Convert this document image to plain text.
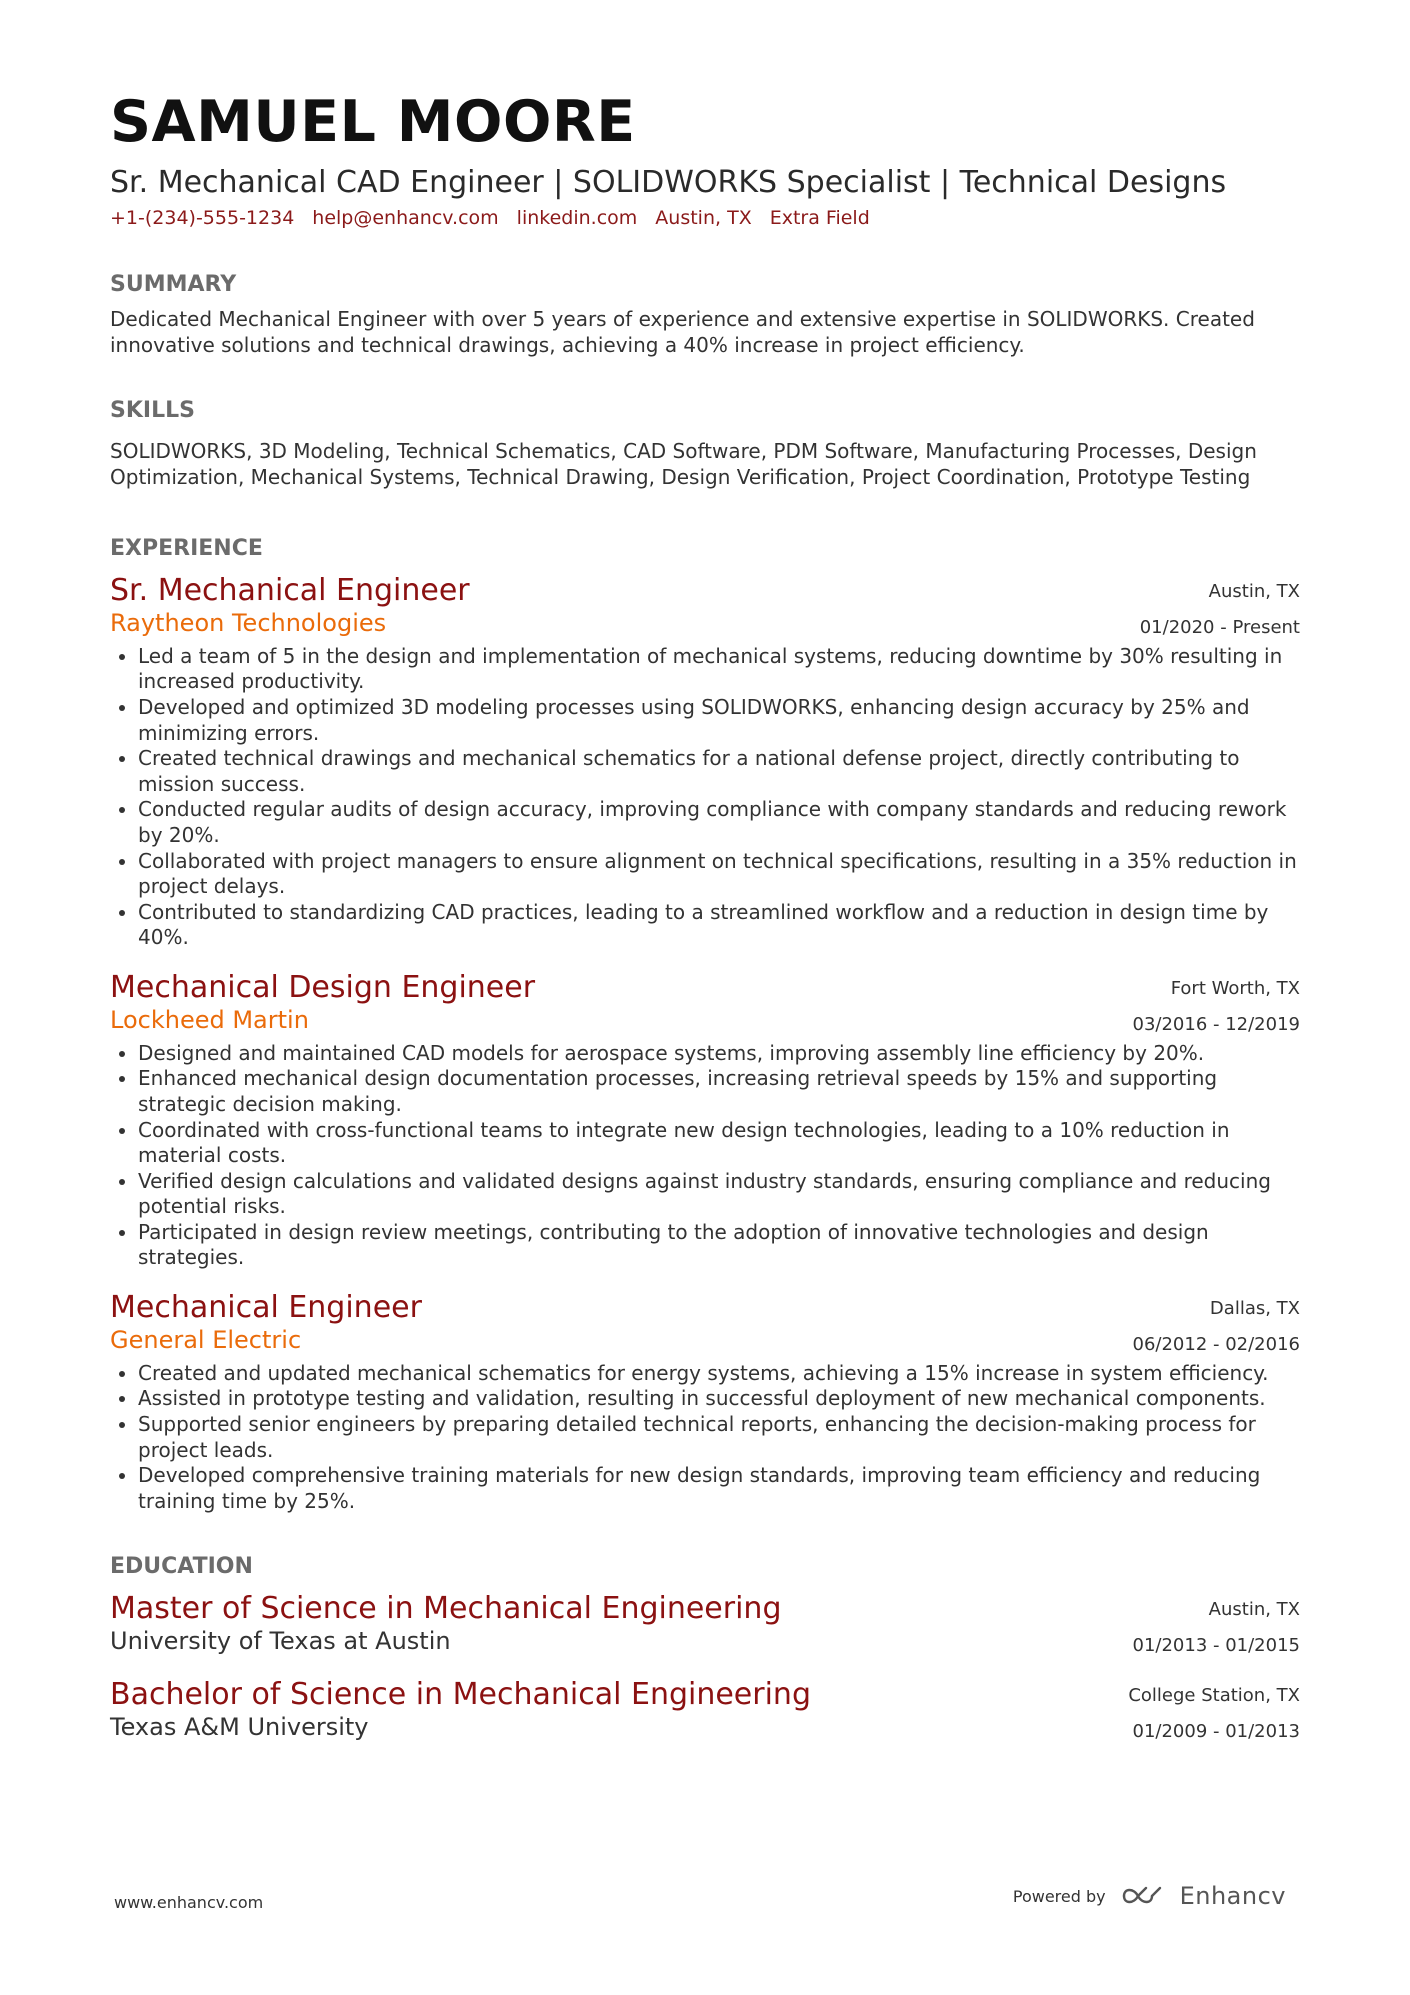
SAMUEL MOORE
Sr. Mechanical CAD Engineer | SOLIDWORKS Specialist | Technical Designs
+1-(234)-555-1234 help@enhancv.com linkedin.com Austin, TX Extra Field
SUMMARY
Dedicated Mechanical Engineer with over 5 years of experience and extensive expertise in SOLIDWORKS. Created innovative solutions and technical drawings, achieving a 40% increase in project efficiency.
SKILLS
SOLIDWORKS, 3D Modeling, Technical Schematics, CAD Software, PDM Software, Manufacturing Processes, Design Optimization, Mechanical Systems, Technical Drawing, Design Verification, Project Coordination, Prototype Testing
EXPERIENCE
Sr. Mechanical Engineer
Raytheon Technologies
Austin, TX
01/2020 - Present
• Led a team of 5 in the design and implementation of mechanical systems, reducing downtime by 30% resulting in increased productivity.
• Developed and optimized 3D modeling processes using SOLIDWORKS, enhancing design accuracy by 25% and minimizing errors.
• Created technical drawings and mechanical schematics for a national defense project, directly contributing to mission success.
• Conducted regular audits of design accuracy, improving compliance with company standards and reducing rework by 20%.
• Collaborated with project managers to ensure alignment on technical specifications, resulting in a 35% reduction in project delays.
• Contributed to standardizing CAD practices, leading to a streamlined workflow and a reduction in design time by 40%.
Mechanical Design Engineer
Lockheed Martin
Fort Worth, TX
03/2016 - 12/2019
• Designed and maintained CAD models for aerospace systems, improving assembly line efficiency by 20%.
• Enhanced mechanical design documentation processes, increasing retrieval speeds by 15% and supporting strategic decision making.
• Coordinated with cross-functional teams to integrate new design technologies, leading to a 10% reduction in material costs.
• Verified design calculations and validated designs against industry standards, ensuring compliance and reducing potential risks.
• Participated in design review meetings, contributing to the adoption of innovative technologies and design strategies.
Mechanical Engineer
General Electric
Dallas, TX
06/2012 - 02/2016
• Created and updated mechanical schematics for energy systems, achieving a 15% increase in system efficiency.
• Assisted in prototype testing and validation, resulting in successful deployment of new mechanical components.
• Supported senior engineers by preparing detailed technical reports, enhancing the decision-making process for project leads.
• Developed comprehensive training materials for new design standards, improving team efficiency and reducing training time by 25%.
EDUCATION
Master of Science in Mechanical Engineering
University of Texas at Austin
Austin, TX
01/2013 - 01/2015
Bachelor of Science in Mechanical Engineering
Texas A&M University
College Station, TX
01/2009 - 01/2013
www.enhancv.com	Powered by	Enhancv
